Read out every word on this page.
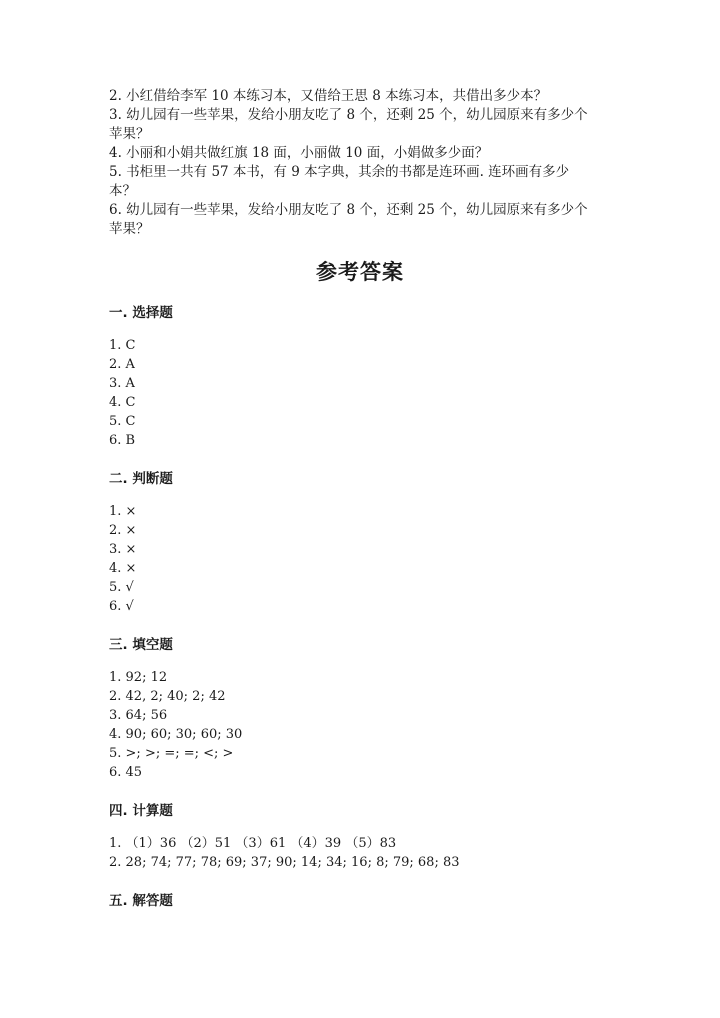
2. 小红借给李军 10 本练习本，又借给王思 8 本练习本，共借出多少本？
3. 幼儿园有一些苹果，发给小朋友吃了 8 个，还剩 25 个，幼儿园原来有多少个
苹果？
4. 小丽和小娟共做红旗 18 面，小丽做 10 面，小娟做多少面？
5. 书柜里一共有 57 本书，有 9 本字典，其余的书都是连环画. 连环画有多少
本？
6. 幼儿园有一些苹果，发给小朋友吃了 8 个，还剩 25 个，幼儿园原来有多少个
苹果？
参考答案
一. 选择题
1. C
2. A
3. A
4. C
5. C
6. B
二. 判断题
1. ×
2. ×
3. ×
4. ×
5. √
6. √
三. 填空题
1. 92; 12
2. 42, 2; 40; 2; 42
3. 64; 56
4. 90; 60; 30; 60; 30
5. >; >; =; =; <; >
6. 45
四. 计算题
1. （1）36 （2）51 （3）61 （4）39 （5）83
2. 28; 74; 77; 78; 69; 37; 90; 14; 34; 16; 8; 79; 68; 83
五. 解答题
